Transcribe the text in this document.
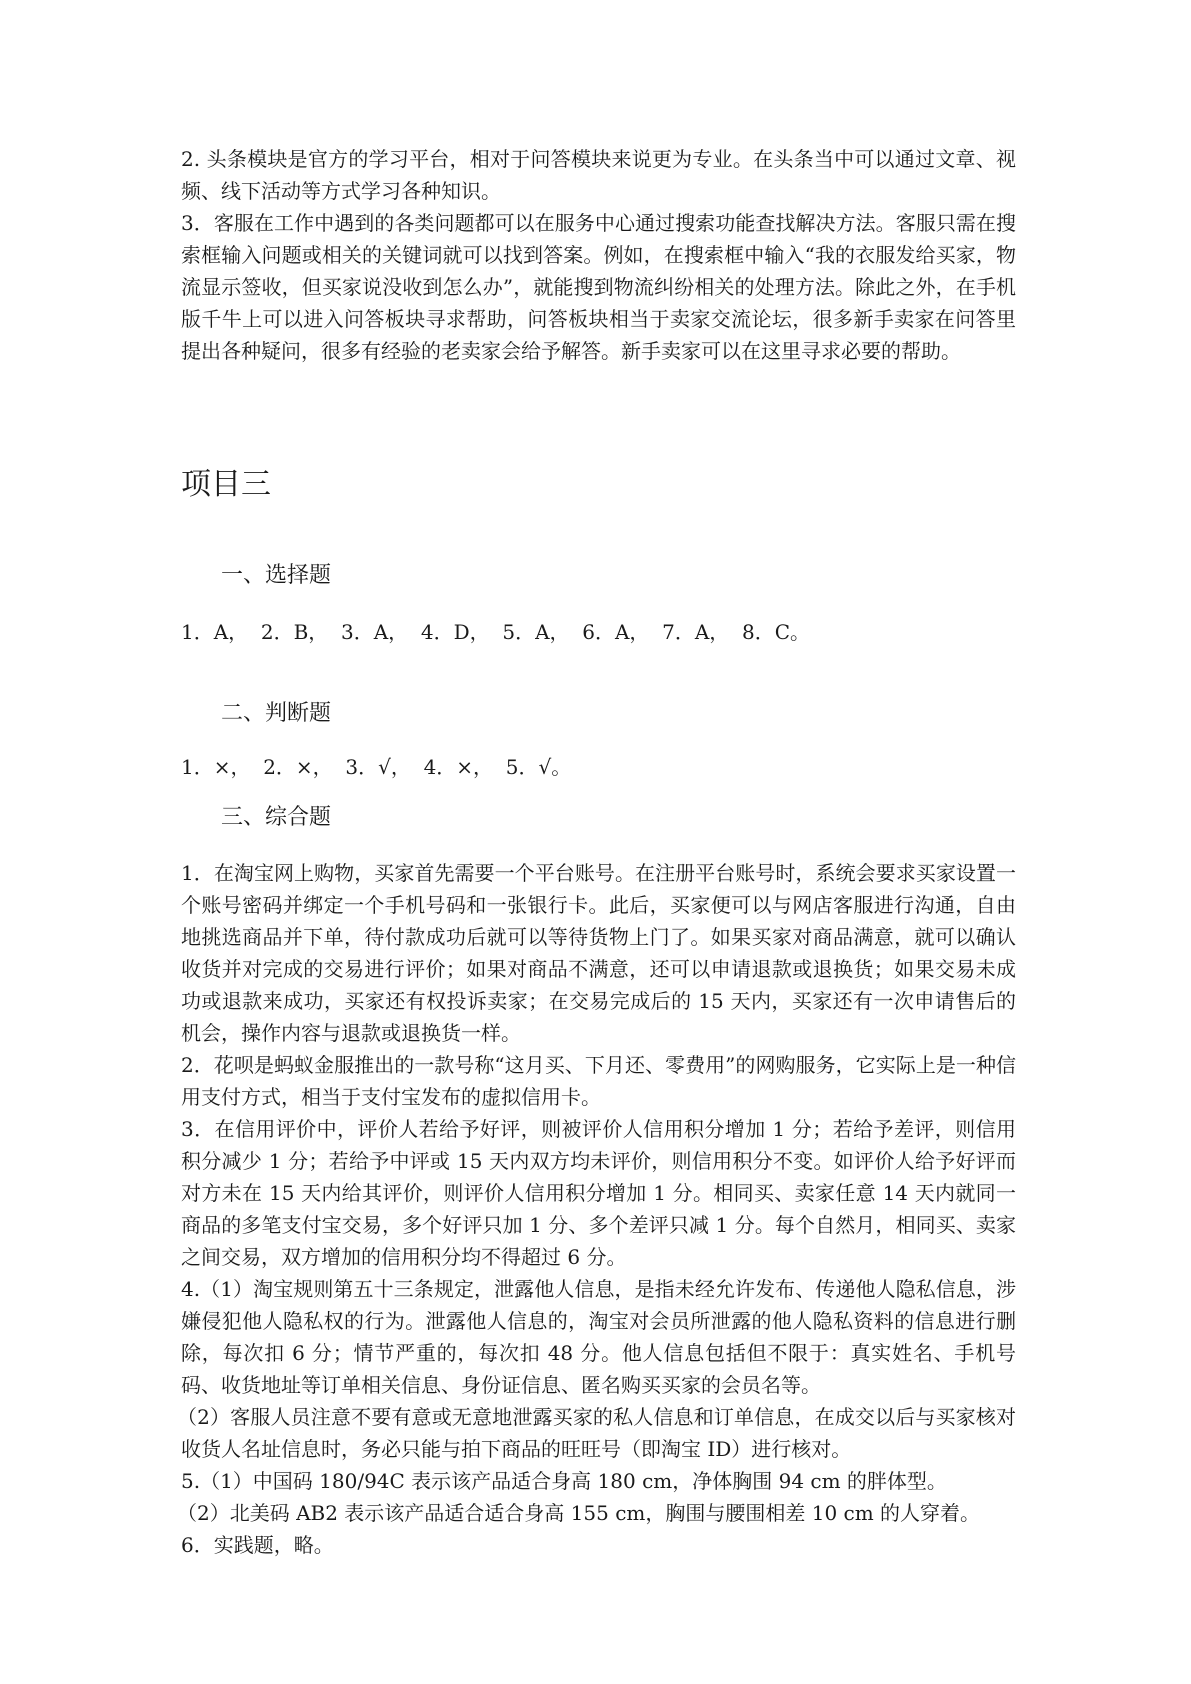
2. 头条模块是官方的学习平台，相对于问答模块来说更为专业。在头条当中可以通过文章、视频、线下活动等方式学习各种知识。

3．客服在工作中遇到的各类问题都可以在服务中心通过搜索功能查找解决方法。客服只需在搜索框输入问题或相关的关键词就可以找到答案。例如，在搜索框中输入“我的衣服发给买家，物流显示签收，但买家说没收到怎么办”，就能搜到物流纠纷相关的处理方法。除此之外，在手机版千牛上可以进入问答板块寻求帮助，问答板块相当于卖家交流论坛，很多新手卖家在问答里提出各种疑问，很多有经验的老卖家会给予解答。新手卖家可以在这里寻求必要的帮助。

项目三
一、选择题

1．A，  2．B，  3．A，  4．D，  5．A，  6．A，  7．A，  8．C。

二、判断题

1．×，  2．×，  3．√，  4．×，  5．√。

三、综合题

1．在淘宝网上购物，买家首先需要一个平台账号。在注册平台账号时，系统会要求买家设置一个账号密码并绑定一个手机号码和一张银行卡。此后，买家便可以与网店客服进行沟通，自由地挑选商品并下单，待付款成功后就可以等待货物上门了。如果买家对商品满意，就可以确认收货并对完成的交易进行评价；如果对商品不满意，还可以申请退款或退换货；如果交易未成功或退款来成功，买家还有权投诉卖家；在交易完成后的 15 天内，买家还有一次申请售后的机会，操作内容与退款或退换货一样。

2．花呗是蚂蚁金服推出的一款号称“这月买、下月还、零费用”的网购服务，它实际上是一种信用支付方式，相当于支付宝发布的虚拟信用卡。

3．在信用评价中，评价人若给予好评，则被评价人信用积分增加 1 分；若给予差评，则信用积分减少 1 分；若给予中评或 15 天内双方均未评价，则信用积分不变。如评价人给予好评而对方未在 15 天内给其评价，则评价人信用积分增加 1 分。相同买、卖家任意 14 天内就同一商品的多笔支付宝交易，多个好评只加 1 分、多个差评只减 1 分。每个自然月，相同买、卖家之间交易，双方增加的信用积分均不得超过 6 分。

4.（1）淘宝规则第五十三条规定，泄露他人信息，是指未经允许发布、传递他人隐私信息，涉嫌侵犯他人隐私权的行为。泄露他人信息的，淘宝对会员所泄露的他人隐私资料的信息进行删除，每次扣 6 分；情节严重的，每次扣 48 分。他人信息包括但不限于：真实姓名、手机号码、收货地址等订单相关信息、身份证信息、匿名购买买家的会员名等。

（2）客服人员注意不要有意或无意地泄露买家的私人信息和订单信息，在成交以后与买家核对收货人名址信息时，务必只能与拍下商品的旺旺号（即淘宝 ID）进行核对。

5.（1）中国码 180/94C 表示该产品适合身高 180 cm，净体胸围 94 cm 的胖体型。

（2）北美码 AB2 表示该产品适合适合身高 155 cm，胸围与腰围相差 10 cm 的人穿着。

6．实践题，略。
